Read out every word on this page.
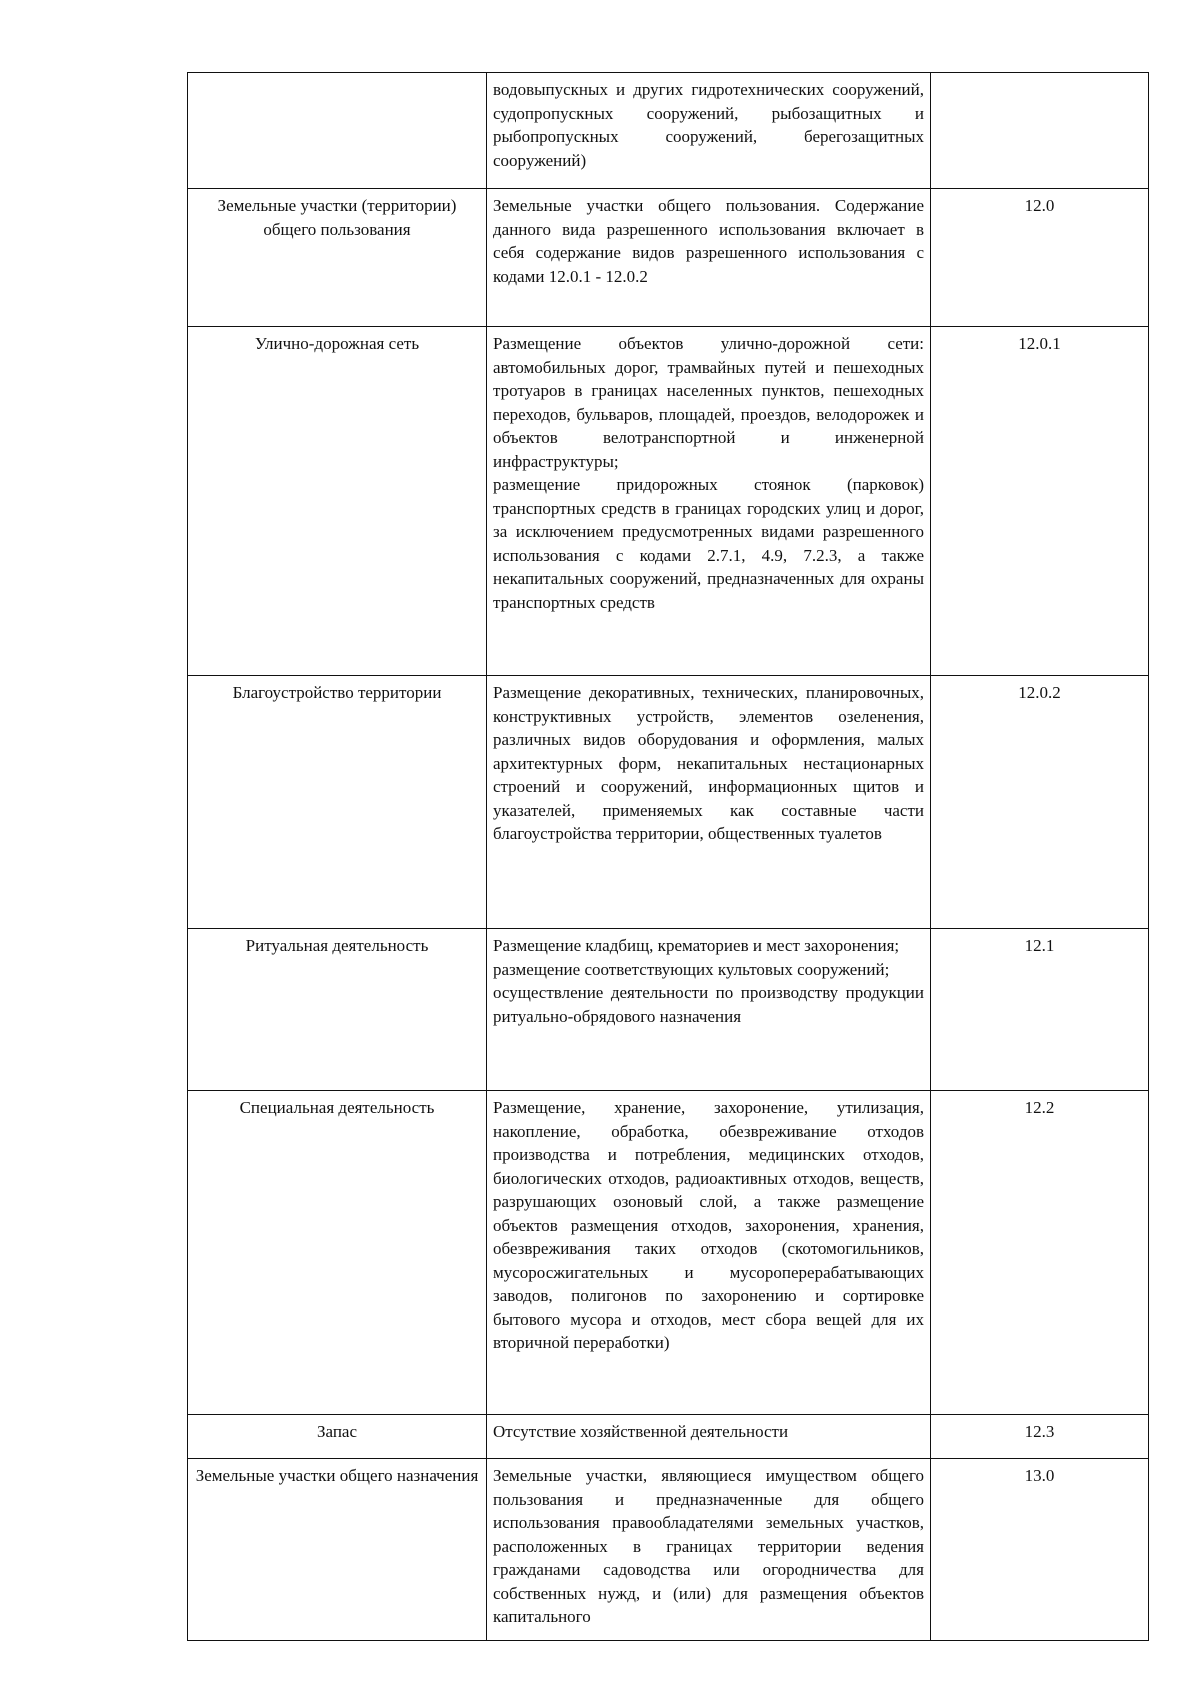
	водовыпускных и других гидротехнических сооружений, судопропускных сооружений, рыбозащитных и рыбопропускных сооружений, берегозащитных сооружений)	

Земельные участки (территории) общего пользования	Земельные участки общего пользования. Содержание данного вида разрешенного использования включает в себя содержание видов разрешенного использования с кодами 12.0.1 - 12.0.2	12.0
Улично-дорожная сеть	Размещение объектов улично-дорожной сети: автомобильных дорог, трамвайных путей и пешеходных тротуаров в границах населенных пунктов, пешеходных переходов, бульваров, площадей, проездов, велодорожек и объектов велотранспортной и инженерной инфраструктуры;
размещение придорожных стоянок (парковок) транспортных средств в границах городских улиц и дорог, за исключением предусмотренных видами разрешенного использования с кодами 2.7.1, 4.9, 7.2.3, а также некапитальных сооружений, предназначенных для охраны транспортных средств	12.0.1
Благоустройство территории	Размещение декоративных, технических, планировочных, конструктивных устройств, элементов озеленения, различных видов оборудования и оформления, малых архитектурных форм, некапитальных нестационарных строений и сооружений, информационных щитов и указателей, применяемых как составные части благоустройства территории, общественных туалетов	12.0.2
Ритуальная деятельность	Размещение кладбищ, крематориев и мест захоронения;
размещение соответствующих культовых сооружений;
осуществление деятельности по производству продукции ритуально-обрядового назначения	12.1
Специальная деятельность	Размещение, хранение, захоронение, утилизация, накопление, обработка, обезвреживание отходов производства и потребления, медицинских отходов, биологических отходов, радиоактивных отходов, веществ, разрушающих озоновый слой, а также размещение объектов размещения отходов, захоронения, хранения, обезвреживания таких отходов (скотомогильников, мусоросжигательных и мусороперерабатывающих заводов, полигонов по захоронению и сортировке бытового мусора и отходов, мест сбора вещей для их вторичной переработки)	12.2
Запас	Отсутствие хозяйственной деятельности	12.3
Земельные участки общего назначения	Земельные участки, являющиеся имуществом общего пользования и предназначенные для общего использования правообладателями земельных участков, расположенных в границах территории ведения гражданами садоводства или огородничества для собственных нужд, и (или) для размещения объектов капитального	13.0
